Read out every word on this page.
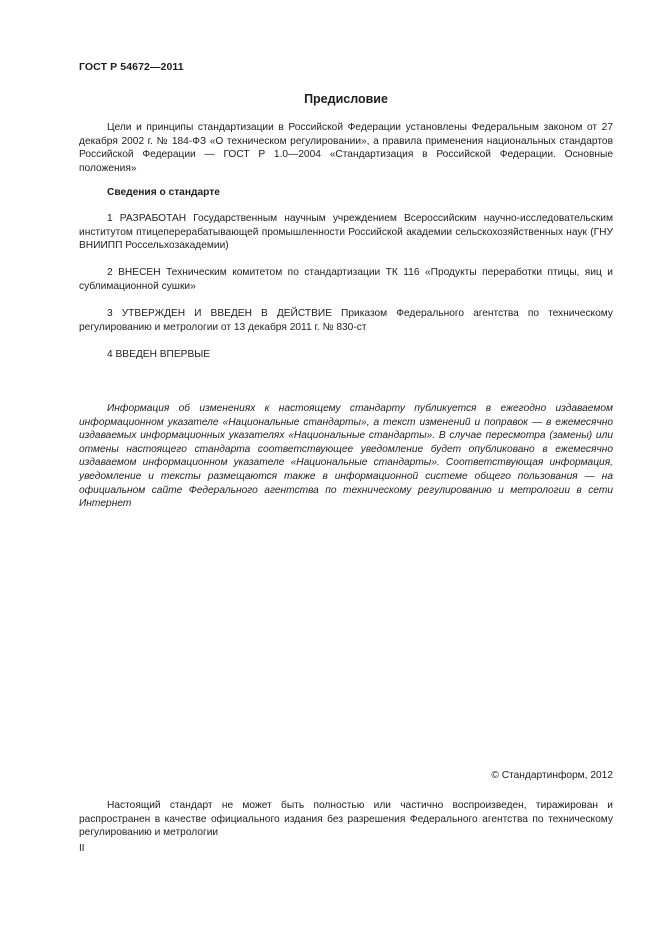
ГОСТ Р 54672—2011
Предисловие

Цели и принципы стандартизации в Российской Федерации установлены Федеральным законом от 27 декабря 2002 г. № 184-ФЗ «О техническом регулировании», а правила применения национальных стандартов Российской Федерации — ГОСТ Р 1.0—2004 «Стандартизация в Российской Федерации. Основные положения»

Сведения о стандарте

1 РАЗРАБОТАН Государственным научным учреждением Всероссийским научно-исследовательским институтом птицеперерабатывающей промышленности Российской академии сельскохозяйственных наук (ГНУ ВНИИПП Россельхозакадемии)

2 ВНЕСЕН Техническим комитетом по стандартизации ТК 116 «Продукты переработки птицы, яиц и сублимационной сушки»

3 УТВЕРЖДЕН И ВВЕДЕН В ДЕЙСТВИЕ Приказом Федерального агентства по техническому регулированию и метрологии от 13 декабря 2011 г. № 830-ст

4 ВВЕДЕН ВПЕРВЫЕ

Информация об изменениях к настоящему стандарту публикуется в ежегодно издаваемом информационном указателе «Национальные стандарты», а текст изменений и поправок — в ежемесячно издаваемых информационных указателях «Национальные стандарты». В случае пересмотра (замены) или отмены настоящего стандарта соответствующее уведомление будет опубликовано в ежемесячно издаваемом информационном указателе «Национальные стандарты». Соответствующая информация, уведомление и тексты размещаются также в информационной системе общего пользования — на официальном сайте Федерального агентства по техническому регулированию и метрологии в сети Интернет

© Стандартинформ, 2012

Настоящий стандарт не может быть полностью или частично воспроизведен, тиражирован и распространен в качестве официального издания без разрешения Федерального агентства по техническому регулированию и метрологии

II
